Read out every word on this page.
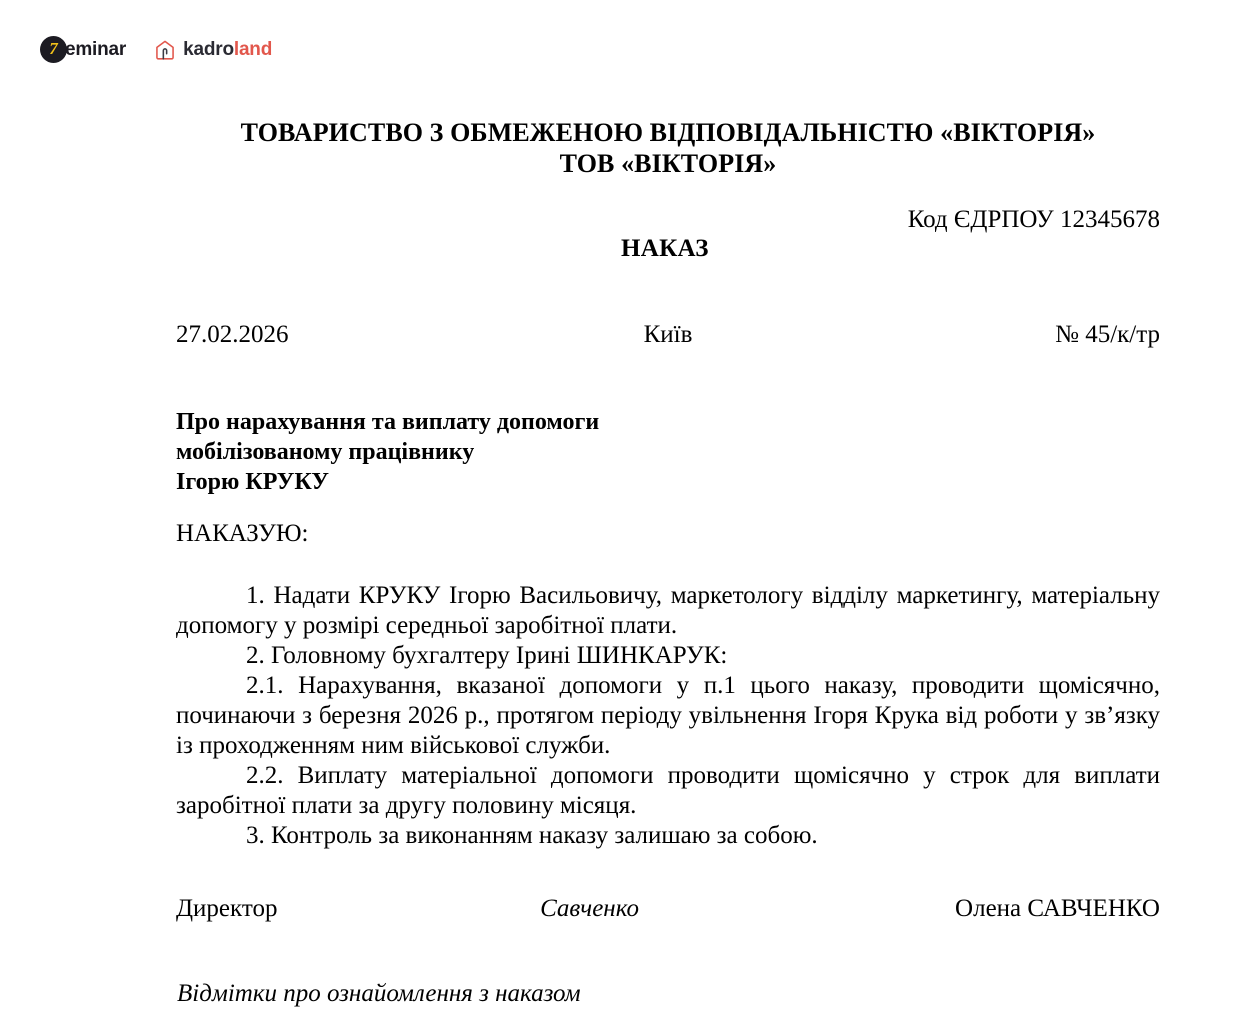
7 eminar	kadroland
ТОВАРИСТВО З ОБМЕЖЕНОЮ ВІДПОВІДАЛЬНІСТЮ «ВІКТОРІЯ»
ТОВ «ВІКТОРІЯ»
Код ЄДРПОУ 12345678
НАКАЗ
27.02.2026	Київ	№ 45/к/тр
Про нарахування та виплату допомоги
мобілізованому працівнику
Ігорю КРУКУ
НАКАЗУЮ:

1. Надати КРУКУ Ігорю Васильовичу, маркетологу відділу маркетингу, матеріальну допомогу у розмірі середньої заробітної плати.

2. Головному бухгалтеру Ірині ШИНКАРУК:

2.1. Нарахування, вказаної допомоги у п.1 цього наказу, проводити щомісячно, починаючи з березня 2026 р., протягом періоду увільнення Ігоря Крука від роботи у зв’язку із проходженням ним військової служби.

2.2. Виплату матеріальної допомоги проводити щомісячно у строк для виплати заробітної плати за другу половину місяця.

3. Контроль за виконанням наказу залишаю за собою.

Директор	Савченко	Олена САВЧЕНКО
Відмітки про ознайомлення з наказом
